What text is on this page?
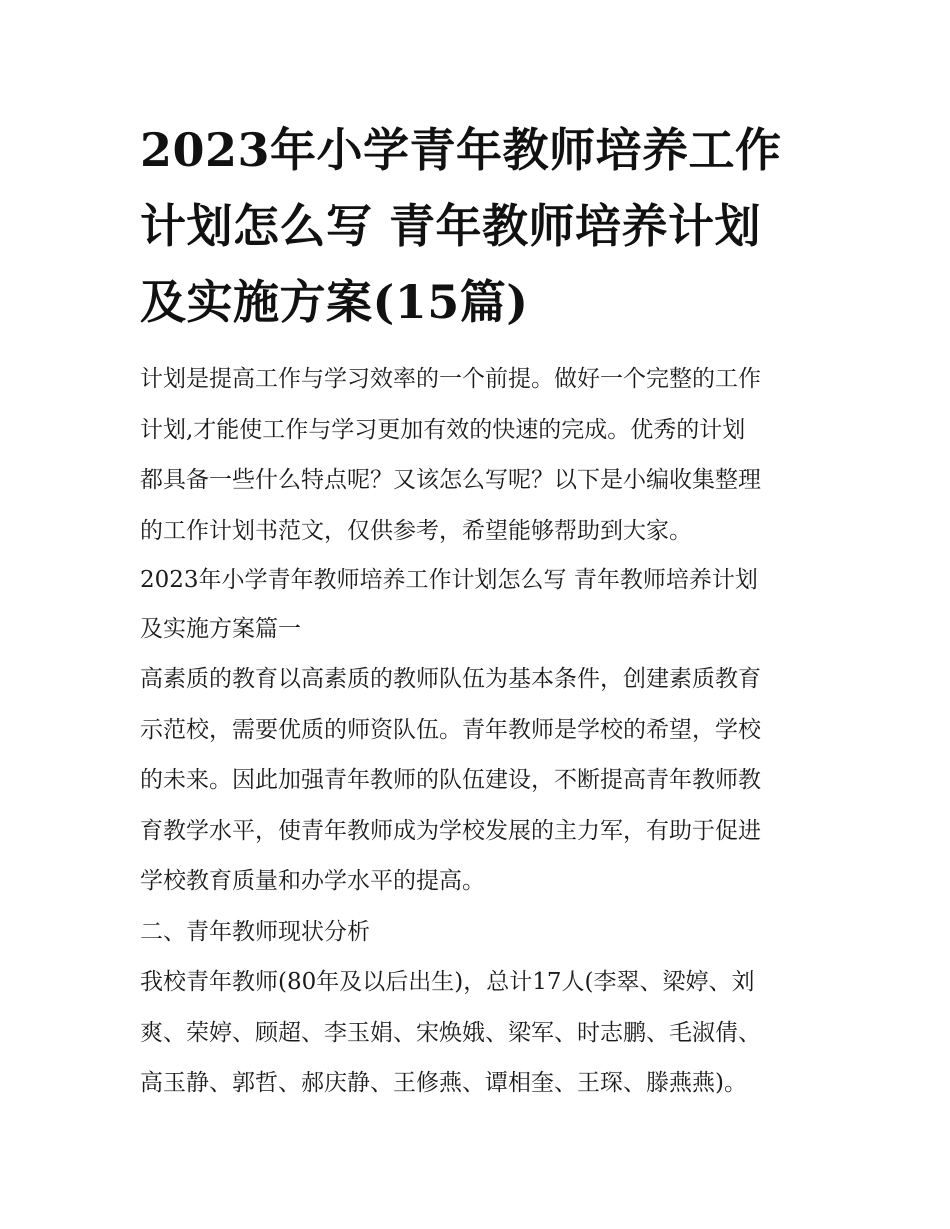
2023年小学青年教师培养工作
计划怎么写 青年教师培养计划
及实施方案(15篇)

计划是提高工作与学习效率的一个前提。做好一个完整的工作
计划,才能使工作与学习更加有效的快速的完成。优秀的计划
都具备一些什么特点呢？又该怎么写呢？以下是小编收集整理
的工作计划书范文，仅供参考，希望能够帮助到大家。

2023年小学青年教师培养工作计划怎么写 青年教师培养计划
及实施方案篇一

高素质的教育以高素质的教师队伍为基本条件，创建素质教育
示范校，需要优质的师资队伍。青年教师是学校的希望，学校
的未来。因此加强青年教师的队伍建设，不断提高青年教师教
育教学水平，使青年教师成为学校发展的主力军，有助于促进
学校教育质量和办学水平的提高。

二、青年教师现状分析

我校青年教师(80年及以后出生)，总计17人(李翠、梁婷、刘
爽、荣婷、顾超、李玉娟、宋焕娥、梁军、时志鹏、毛淑倩、
高玉静、郭哲、郝庆静、王修燕、谭相奎、王琛、滕燕燕)。
